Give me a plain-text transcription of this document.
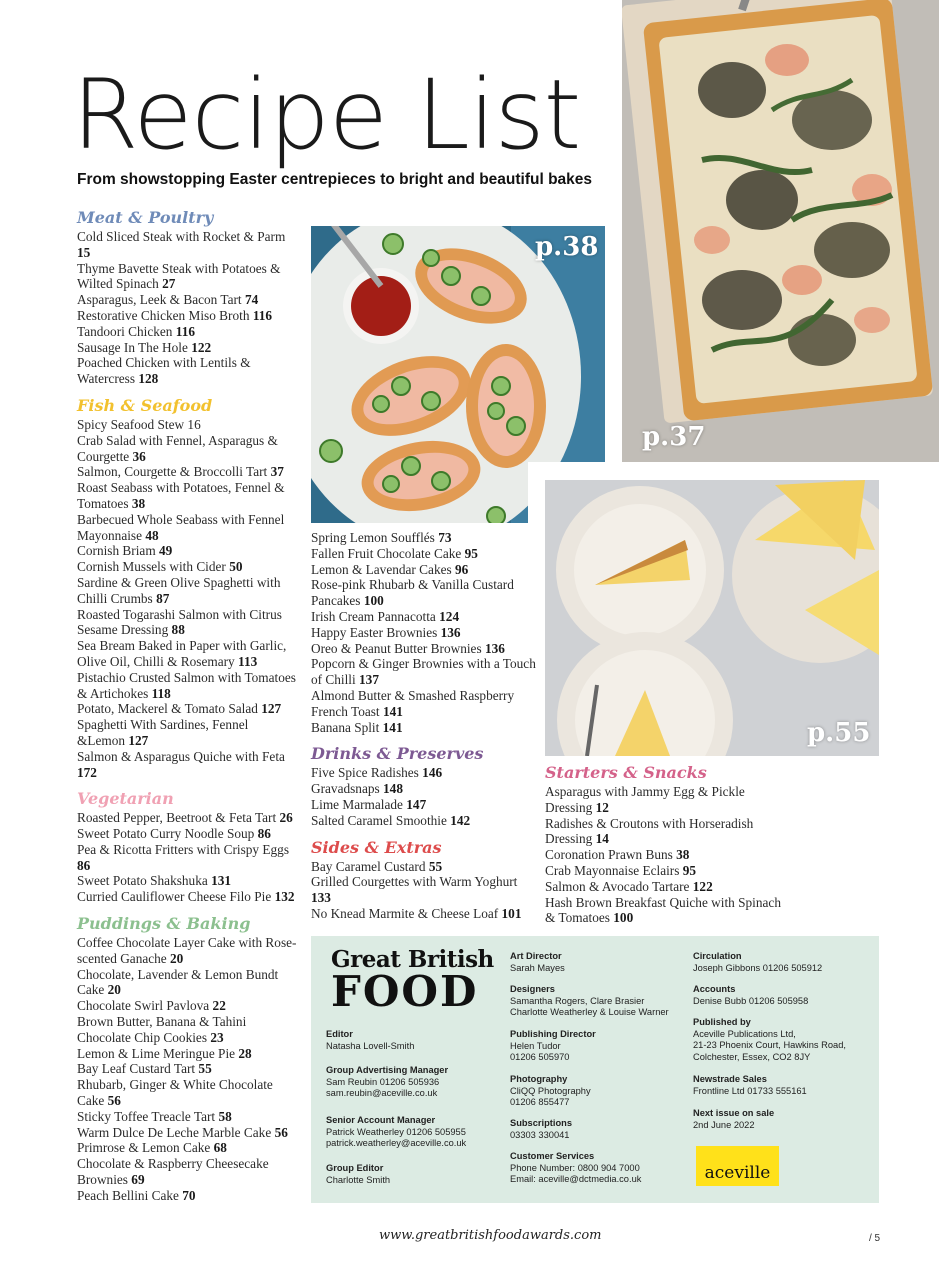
Recipe List
From showstopping Easter centrepieces to bright and beautiful bakes
Meat & Poultry
Cold Sliced Steak with Rocket & Parm 15
Thyme Bavette Steak with Potatoes & Wilted Spinach 27
Asparagus, Leek & Bacon Tart 74
Restorative Chicken Miso Broth 116
Tandoori Chicken 116
Sausage In The Hole 122
Poached Chicken with Lentils & Watercress 128
Fish & Seafood
Spicy Seafood Stew 16
Crab Salad with Fennel, Asparagus & Courgette 36
Salmon, Courgette & Broccolli Tart 37
Roast Seabass with Potatoes, Fennel & Tomatoes 38
Barbecued Whole Seabass with Fennel Mayonnaise 48
Cornish Briam 49
Cornish Mussels with Cider 50
Sardine & Green Olive Spaghetti with Chilli Crumbs 87
Roasted Togarashi Salmon with Citrus Sesame Dressing 88
Sea Bream Baked in Paper with Garlic, Olive Oil, Chilli & Rosemary 113
Pistachio Crusted Salmon with Tomatoes & Artichokes 118
Potato, Mackerel & Tomato Salad 127
Spaghetti With Sardines, Fennel &Lemon 127
Salmon & Asparagus Quiche with Feta 172
Vegetarian
Roasted Pepper, Beetroot & Feta Tart 26
Sweet Potato Curry Noodle Soup 86
Pea & Ricotta Fritters with Crispy Eggs 86
Sweet Potato Shakshuka 131
Curried Cauliflower Cheese Filo Pie 132
Puddings & Baking
Coffee Chocolate Layer Cake with Rose-scented Ganache 20
Chocolate, Lavender & Lemon Bundt Cake 20
Chocolate Swirl Pavlova 22
Brown Butter, Banana & Tahini Chocolate Chip Cookies 23
Lemon & Lime Meringue Pie 28
Bay Leaf Custard Tart 55
Rhubarb, Ginger & White Chocolate Cake 56
Sticky Toffee Treacle Tart 58
Warm Dulce De Leche Marble Cake 56
Primrose & Lemon Cake 68
Chocolate & Raspberry Cheesecake Brownies 69
Peach Bellini Cake 70
Spring Lemon Soufflés 73
Fallen Fruit Chocolate Cake 95
Lemon & Lavendar Cakes 96
Rose-pink Rhubarb & Vanilla Custard Pancakes 100
Irish Cream Pannacotta 124
Happy Easter Brownies 136
Oreo & Peanut Butter Brownies 136
Popcorn & Ginger Brownies with a Touch of Chilli 137
Almond Butter & Smashed Raspberry French Toast 141
Banana Split 141
Drinks & Preserves
Five Spice Radishes 146
Gravadsnaps 148
Lime Marmalade 147
Salted Caramel Smoothie 142
Sides & Extras
Bay Caramel Custard 55
Grilled Courgettes with Warm Yoghurt 133
No Knead Marmite & Cheese Loaf 101
Starters & Snacks
Asparagus with Jammy Egg & Pickle Dressing 12
Radishes & Croutons with Horseradish Dressing 14
Coronation Prawn Buns 38
Crab Mayonnaise Eclairs 95
Salmon & Avocado Tartare 122
Hash Brown Breakfast Quiche with Spinach & Tomatoes 100
p.37
p.38
p.55
Great British
FOOD
Editor
Natasha Lovell-Smith
Group Advertising Manager
Sam Reubin 01206 505936
sam.reubin@aceville.co.uk
Senior Account Manager
Patrick Weatherley 01206 505955
patrick.weatherley@aceville.co.uk
Group Editor
Charlotte Smith
Art Director
Sarah Mayes
Designers
Samantha Rogers, Clare Brasier
Charlotte Weatherley & Louise Warner
Publishing Director
Helen Tudor
01206 505970
Photography
CliQQ Photography
01206 855477
Subscriptions
03303 330041
Customer Services
Phone Number: 0800 904 7000
Email: aceville@dctmedia.co.uk
Circulation
Joseph Gibbons 01206 505912
Accounts
Denise Bubb 01206 505958
Published by
Aceville Publications Ltd,
21-23 Phoenix Court, Hawkins Road,
Colchester, Essex, CO2 8JY
Newstrade Sales
Frontline Ltd 01733 555161
Next issue on sale
2nd June 2022
aceville
www.greatbritishfoodawards.com	/ 5
